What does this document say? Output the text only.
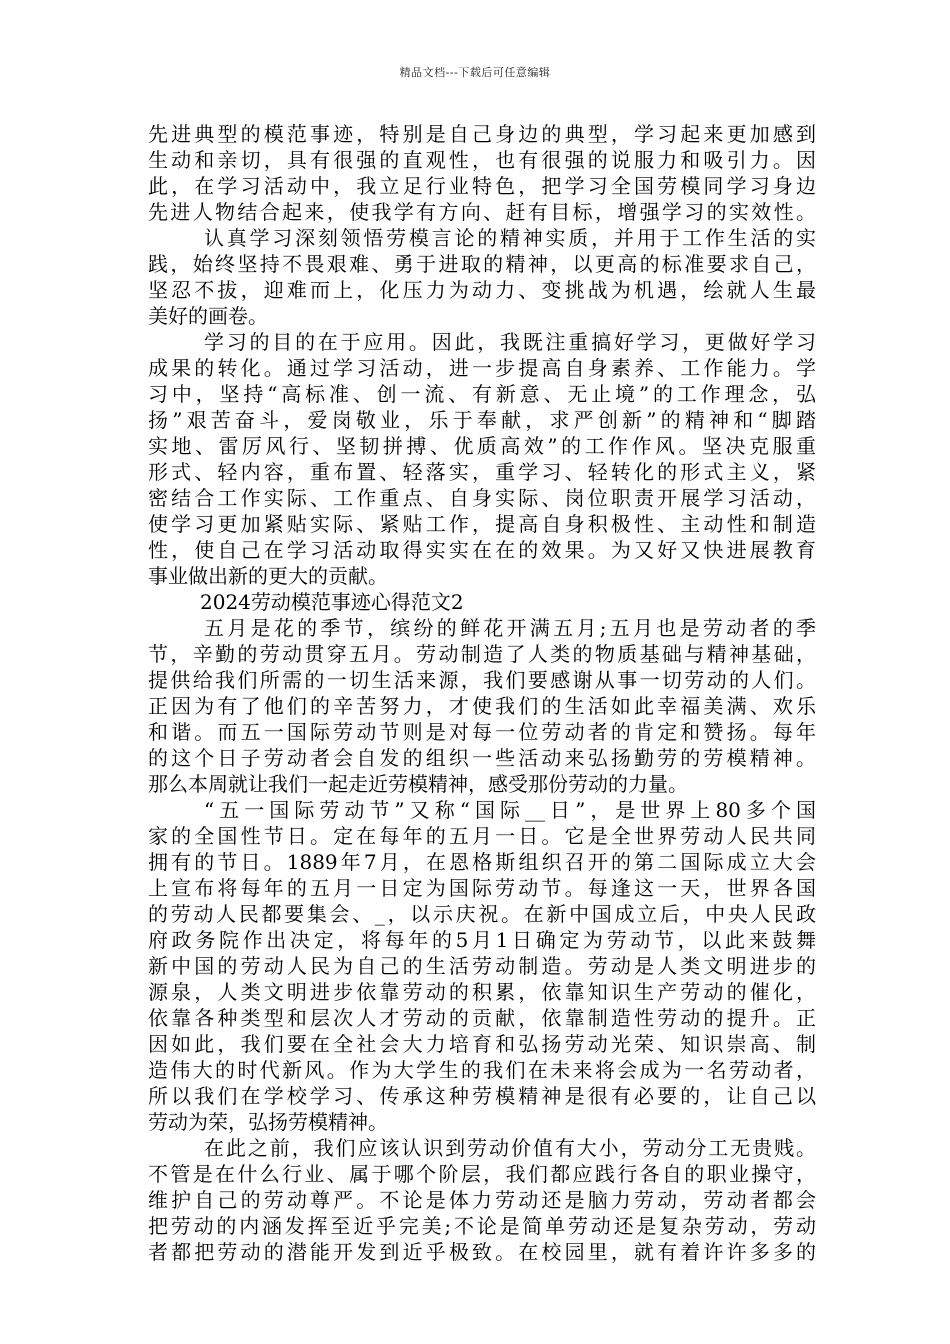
精品文档---下载后可任意编辑
先进典型的模范事迹，特别是自己身边的典型，学习起来更加感到
生动和亲切，具有很强的直观性，也有很强的说服力和吸引力。因
此，在学习活动中，我立足行业特色，把学习全国劳模同学习身边
先进人物结合起来，使我学有方向、赶有目标，增强学习的实效性。
认真学习深刻领悟劳模言论的精神实质，并用于工作生活的实
践，始终坚持不畏艰难、勇于进取的精神，以更高的标准要求自己，
坚忍不拔，迎难而上，化压力为动力、变挑战为机遇，绘就人生最
美好的画卷。
学习的目的在于应用。因此，我既注重搞好学习，更做好学习
成果的转化。通过学习活动，进一步提高自身素养、工作能力。学
习中，坚持“高标准、创一流、有新意、无止境”的工作理念，弘
扬”艰苦奋斗，爱岗敬业，乐于奉献，求严创新”的精神和“脚踏
实地、雷厉风行、坚韧拼搏、优质高效”的工作作风。坚决克服重
形式、轻内容，重布置、轻落实，重学习、轻转化的形式主义，紧
密结合工作实际、工作重点、自身实际、岗位职责开展学习活动，
使学习更加紧贴实际、紧贴工作，提高自身积极性、主动性和制造
性，使自己在学习活动取得实实在在的效果。为又好又快进展教育
事业做出新的更大的贡献。
2024劳动模范事迹心得范文2
五月是花的季节，缤纷的鲜花开满五月;五月也是劳动者的季
节，辛勤的劳动贯穿五月。劳动制造了人类的物质基础与精神基础，
提供给我们所需的一切生活来源，我们要感谢从事一切劳动的人们。
正因为有了他们的辛苦努力，才使我们的生活如此幸福美满、欢乐
和谐。而五一国际劳动节则是对每一位劳动者的肯定和赞扬。每年
的这个日子劳动者会自发的组织一些活动来弘扬勤劳的劳模精神。
那么本周就让我们一起走近劳模精神，感受那份劳动的力量。
“五一国际劳动节”又称“国际__日”，是世界上80多个国
家的全国性节日。定在每年的五月一日。它是全世界劳动人民共同
拥有的节日。1889年7月，在恩格斯组织召开的第二国际成立大会
上宣布将每年的五月一日定为国际劳动节。每逢这一天，世界各国
的劳动人民都要集会、_，以示庆祝。在新中国成立后，中央人民政
府政务院作出决定，将每年的5月1日确定为劳动节，以此来鼓舞
新中国的劳动人民为自己的生活劳动制造。劳动是人类文明进步的
源泉，人类文明进步依靠劳动的积累，依靠知识生产劳动的催化，
依靠各种类型和层次人才劳动的贡献，依靠制造性劳动的提升。正
因如此，我们要在全社会大力培育和弘扬劳动光荣、知识崇高、制
造伟大的时代新风。作为大学生的我们在未来将会成为一名劳动者，
所以我们在学校学习、传承这种劳模精神是很有必要的，让自己以
劳动为荣，弘扬劳模精神。
在此之前，我们应该认识到劳动价值有大小，劳动分工无贵贱。
不管是在什么行业、属于哪个阶层，我们都应践行各自的职业操守，
维护自己的劳动尊严。不论是体力劳动还是脑力劳动，劳动者都会
把劳动的内涵发挥至近乎完美;不论是简单劳动还是复杂劳动，劳动
者都把劳动的潜能开发到近乎极致。在校园里，就有着许许多多的
